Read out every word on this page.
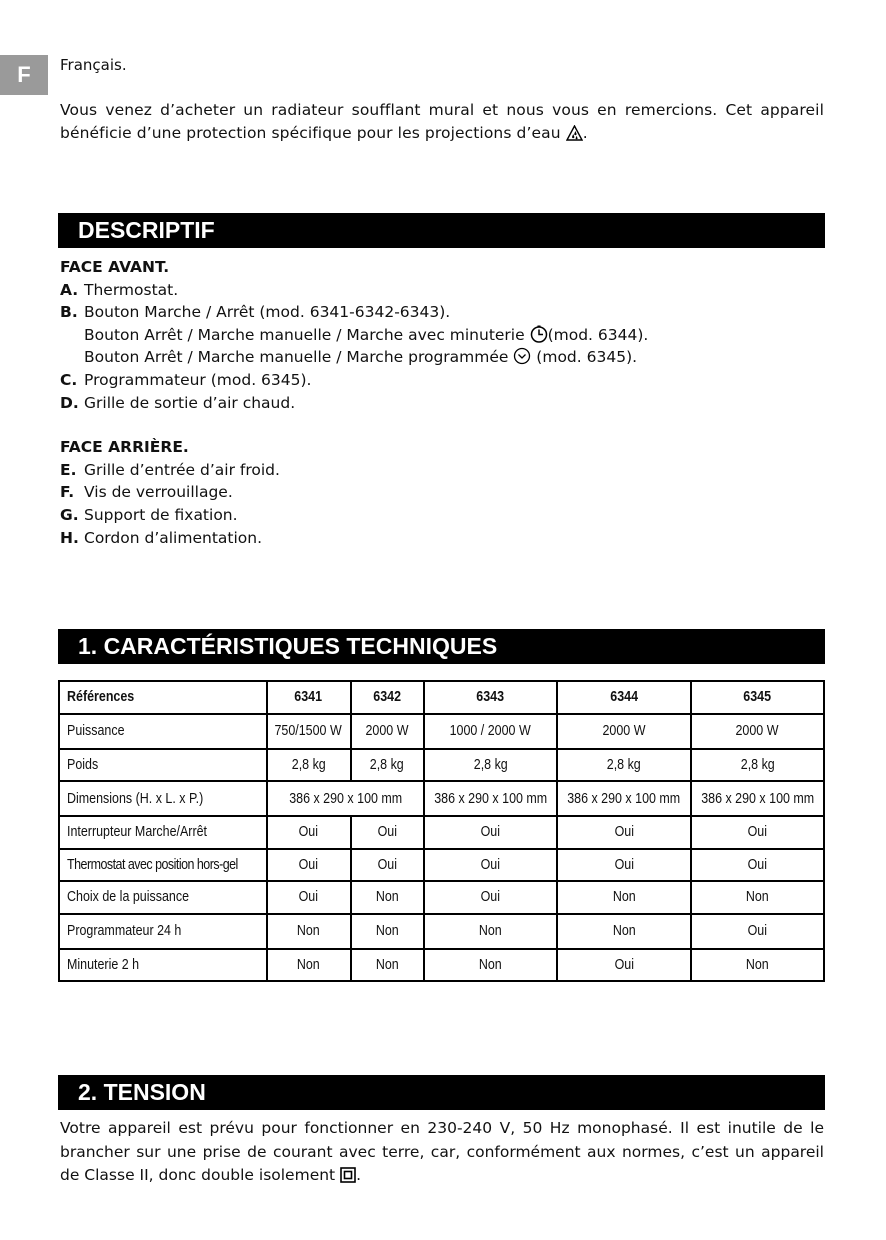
F	Français.
Vous venez d’acheter un radiateur soufflant mural et nous vous en remercions. Cet appareil bénéficie d’une protection spécifique pour les projections d’eau .
DESCRIPTIF
FACE AVANT.
A. Thermostat.
B. Bouton Marche / Arrêt (mod. 6341-6342-6343).
Bouton Arrêt / Marche manuelle / Marche avec minuterie (mod. 6344).
Bouton Arrêt / Marche manuelle / Marche programmée  (mod. 6345).
C. Programmateur (mod. 6345).
D. Grille de sortie d’air chaud.
FACE ARRIÈRE.
E. Grille d’entrée d’air froid.
F. Vis de verrouillage.
G. Support de fixation.
H. Cordon d’alimentation.
1. CARACTÉRISTIQUES TECHNIQUES
Références	6341	6342	6343	6344	6345
Puissance	750/1500 W	2000 W	1000 / 2000 W	2000 W	2000 W
Poids	2,8 kg	2,8 kg	2,8 kg	2,8 kg	2,8 kg
Dimensions (H. x L. x P.)	386 x 290 x 100 mm		386 x 290 x 100 mm	386 x 290 x 100 mm	386 x 290 x 100 mm
Interrupteur Marche/Arrêt	Oui	Oui	Oui	Oui	Oui
Thermostat avec position hors-gel	Oui	Oui	Oui	Oui	Oui
Choix de la puissance	Oui	Non	Oui	Non	Non
Programmateur 24 h	Non	Non	Non	Non	Oui
Minuterie 2 h	Non	Non	Non	Oui	Non
2. TENSION
Votre appareil est prévu pour fonctionner en 230-240 V, 50 Hz monophasé. Il est inutile de le brancher sur une prise de courant avec terre, car, conformément aux normes, c’est un appareil de Classe II, donc double isolement .
